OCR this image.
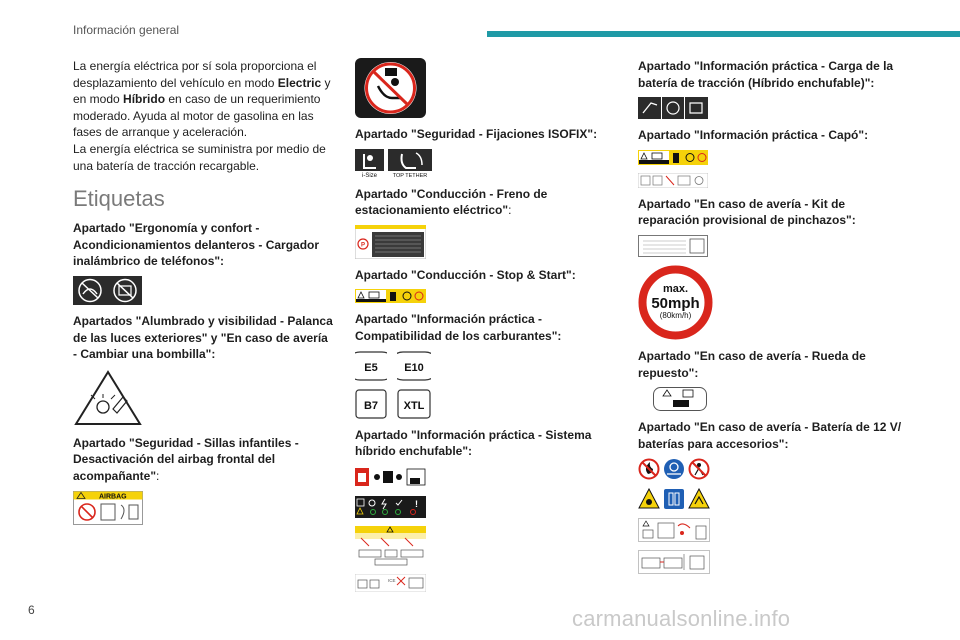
Información general

La energía eléctrica por sí sola proporciona el desplazamiento del vehículo en modo Electric y en modo Híbrido en caso de un requerimiento moderado. Ayuda al motor de gasolina en las fases de arranque y aceleración.

La energía eléctrica se suministra por medio de una batería de tracción recargable.

Etiquetas
Apartado "Ergonomía y confort - Acondicionamientos delanteros - Cargador inalámbrico de teléfonos":
Apartados "Alumbrado y visibilidad - Palanca de las luces exteriores" y "En caso de avería - Cambiar una bombilla":
Apartado "Seguridad - Sillas infantiles - Desactivación del airbag frontal del acompañante":
AIRBAG
Apartado "Seguridad - Fijaciones ISOFIX":
i-Size	TOP TETHER
Apartado "Conducción - Freno de estacionamiento eléctrico":
P
Apartado "Conducción - Stop & Start":
Apartado "Información práctica - Compatibilidad de los carburantes":
E5 E10
B7 XTL
Apartado "Información práctica - Sistema híbrido enchufable":
!
ICE
Apartado "Información práctica - Carga de la batería de tracción (Híbrido enchufable)":
Apartado "Información práctica - Capó":
Apartado "En caso de avería - Kit de reparación provisional de pinchazos":
max.
50mph
(80km/h)
Apartado "En caso de avería - Rueda de repuesto":
Apartado "En caso de avería - Batería de 12 V/ baterías para accesorios":
6	carmanualsonline.info
